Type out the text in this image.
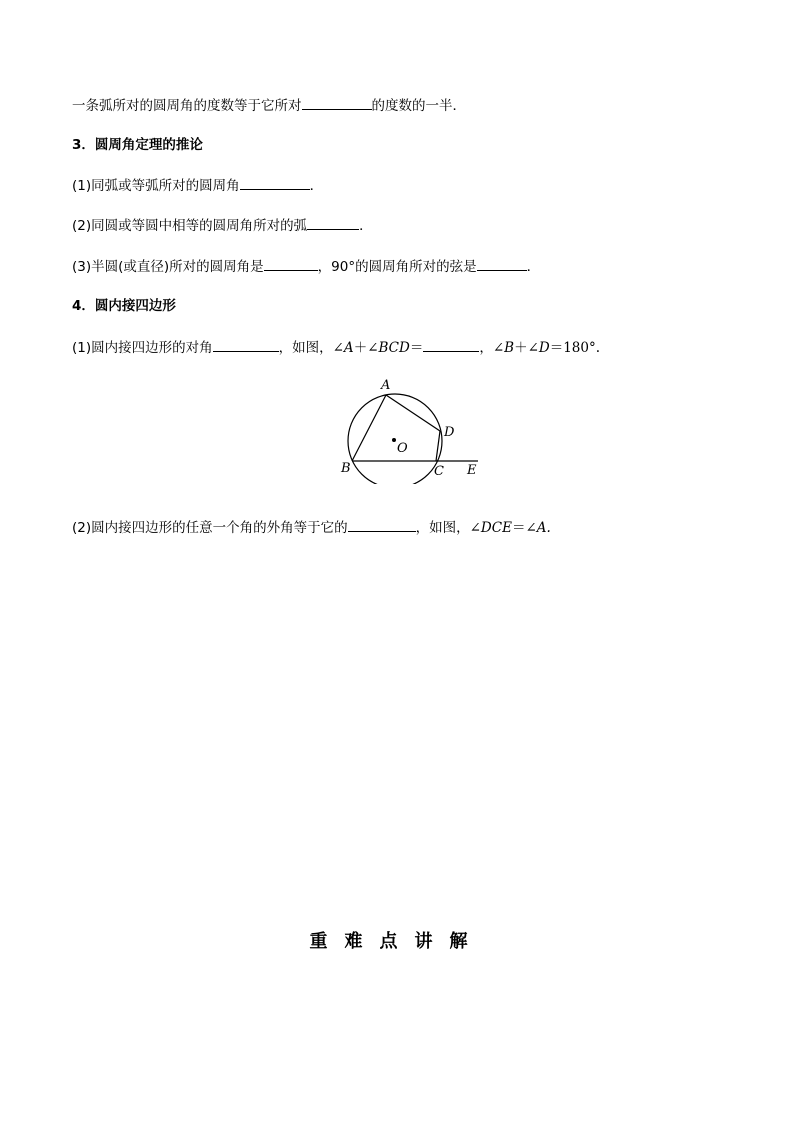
一条弧所对的圆周角的度数等于它所对	的度数的一半．
3．圆周角定理的推论
(1)同弧或等弧所对的圆周角	．
(2)同圆或等圆中相等的圆周角所对的弧	．
(3)半圆(或直径)所对的圆周角是	，90°的圆周角所对的弦是	．
4．圆内接四边形
(1)圆内接四边形的对角	，如图，∠A＋∠BCD＝	，∠B＋∠D＝180°.
A
D
B	C E
O
(2)圆内接四边形的任意一个角的外角等于它的	，如图，∠DCE＝∠A.
重难点讲解
